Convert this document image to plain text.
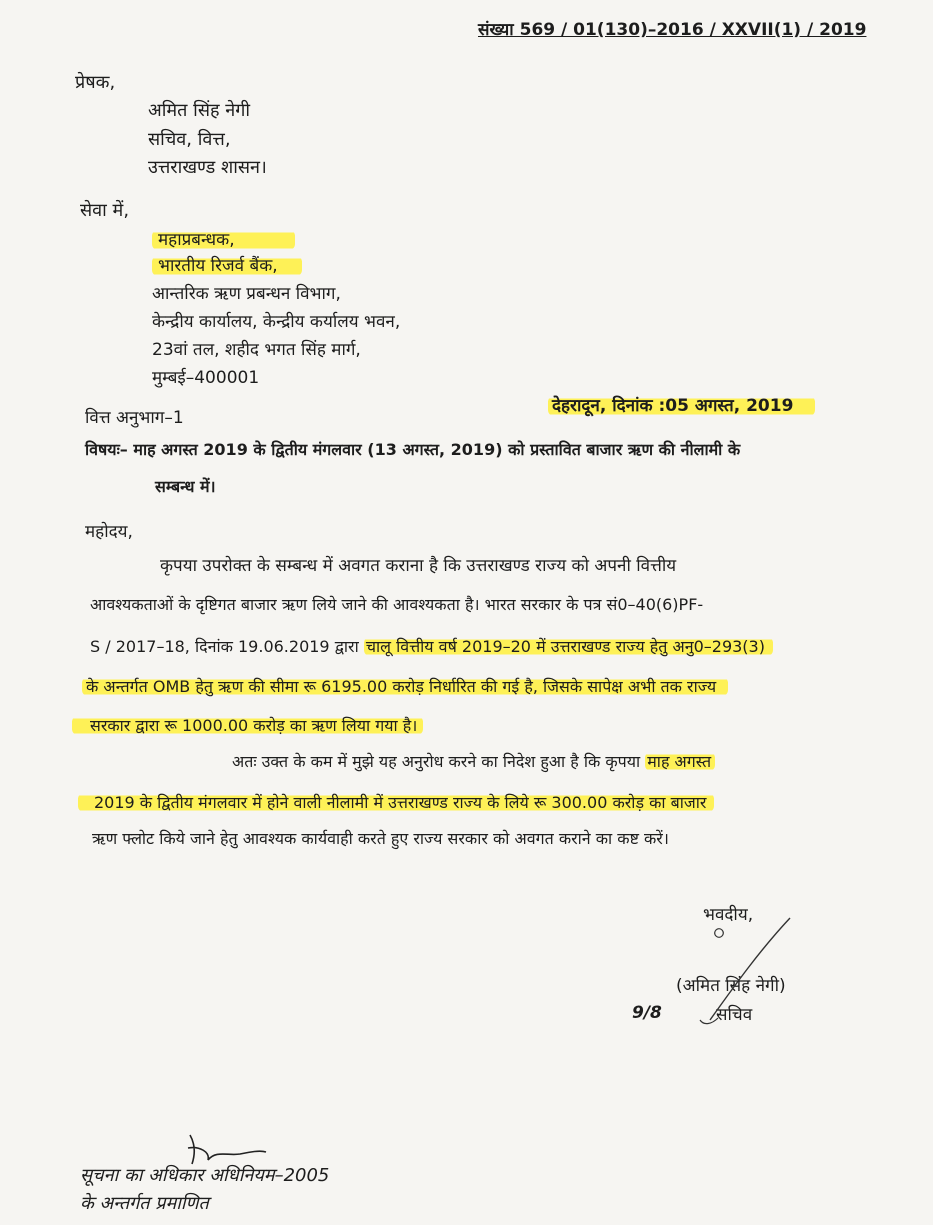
संख्या 569 / 01(130)–2016 / XXVII(1) / 2019
प्रेषक,
अमित सिंह नेगी
सचिव, वित्त,
उत्तराखण्ड शासन।
सेवा में,
महाप्रबन्धक,
भारतीय रिजर्व बैंक,
आन्तरिक ऋण प्रबन्धन विभाग,
केन्द्रीय कार्यालय, केन्द्रीय कर्यालय भवन,
23वां तल, शहीद भगत सिंह मार्ग,
मुम्बई–400001
वित्त अनुभाग–1
देहरादून, दिनांक :05 अगस्त, 2019
विषयः– माह अगस्त 2019 के द्वितीय मंगलवार (13 अगस्त, 2019) को प्रस्तावित बाजार ऋण की नीलामी के
सम्बन्ध में।
महोदय,
कृपया उपरोक्त के सम्बन्ध में अवगत कराना है कि उत्तराखण्ड राज्य को अपनी वित्तीय
आवश्यकताओं के दृष्टिगत बाजार ऋण लिये जाने की आवश्यकता है। भारत सरकार के पत्र सं0–40(6)PF-
S / 2017–18, दिनांक 19.06.2019 द्वारा चालू वित्तीय वर्ष 2019–20 में उत्तराखण्ड राज्य हेतु अनु0–293(3)
के अन्तर्गत OMB हेतु ऋण की सीमा रू 6195.00 करोड़ निर्धारित की गई है, जिसके सापेक्ष अभी तक राज्य
सरकार द्वारा रू 1000.00 करोड़ का ऋण लिया गया है।
अतः उक्त के कम में मुझे यह अनुरोध करने का निदेश हुआ है कि कृपया माह अगस्त
2019 के द्वितीय मंगलवार में होने वाली नीलामी में उत्तराखण्ड राज्य के लिये रू 300.00 करोड़ का बाजार
ऋण फ्लोट किये जाने हेतु आवश्यक कार्यवाही करते हुए राज्य सरकार को अवगत कराने का कष्ट करें।
भवदीय,
(अमित सिंह नेगी)
सचिव
9/8
सूचना का अधिकार अधिनियम–2005
के अन्तर्गत प्रमाणित
